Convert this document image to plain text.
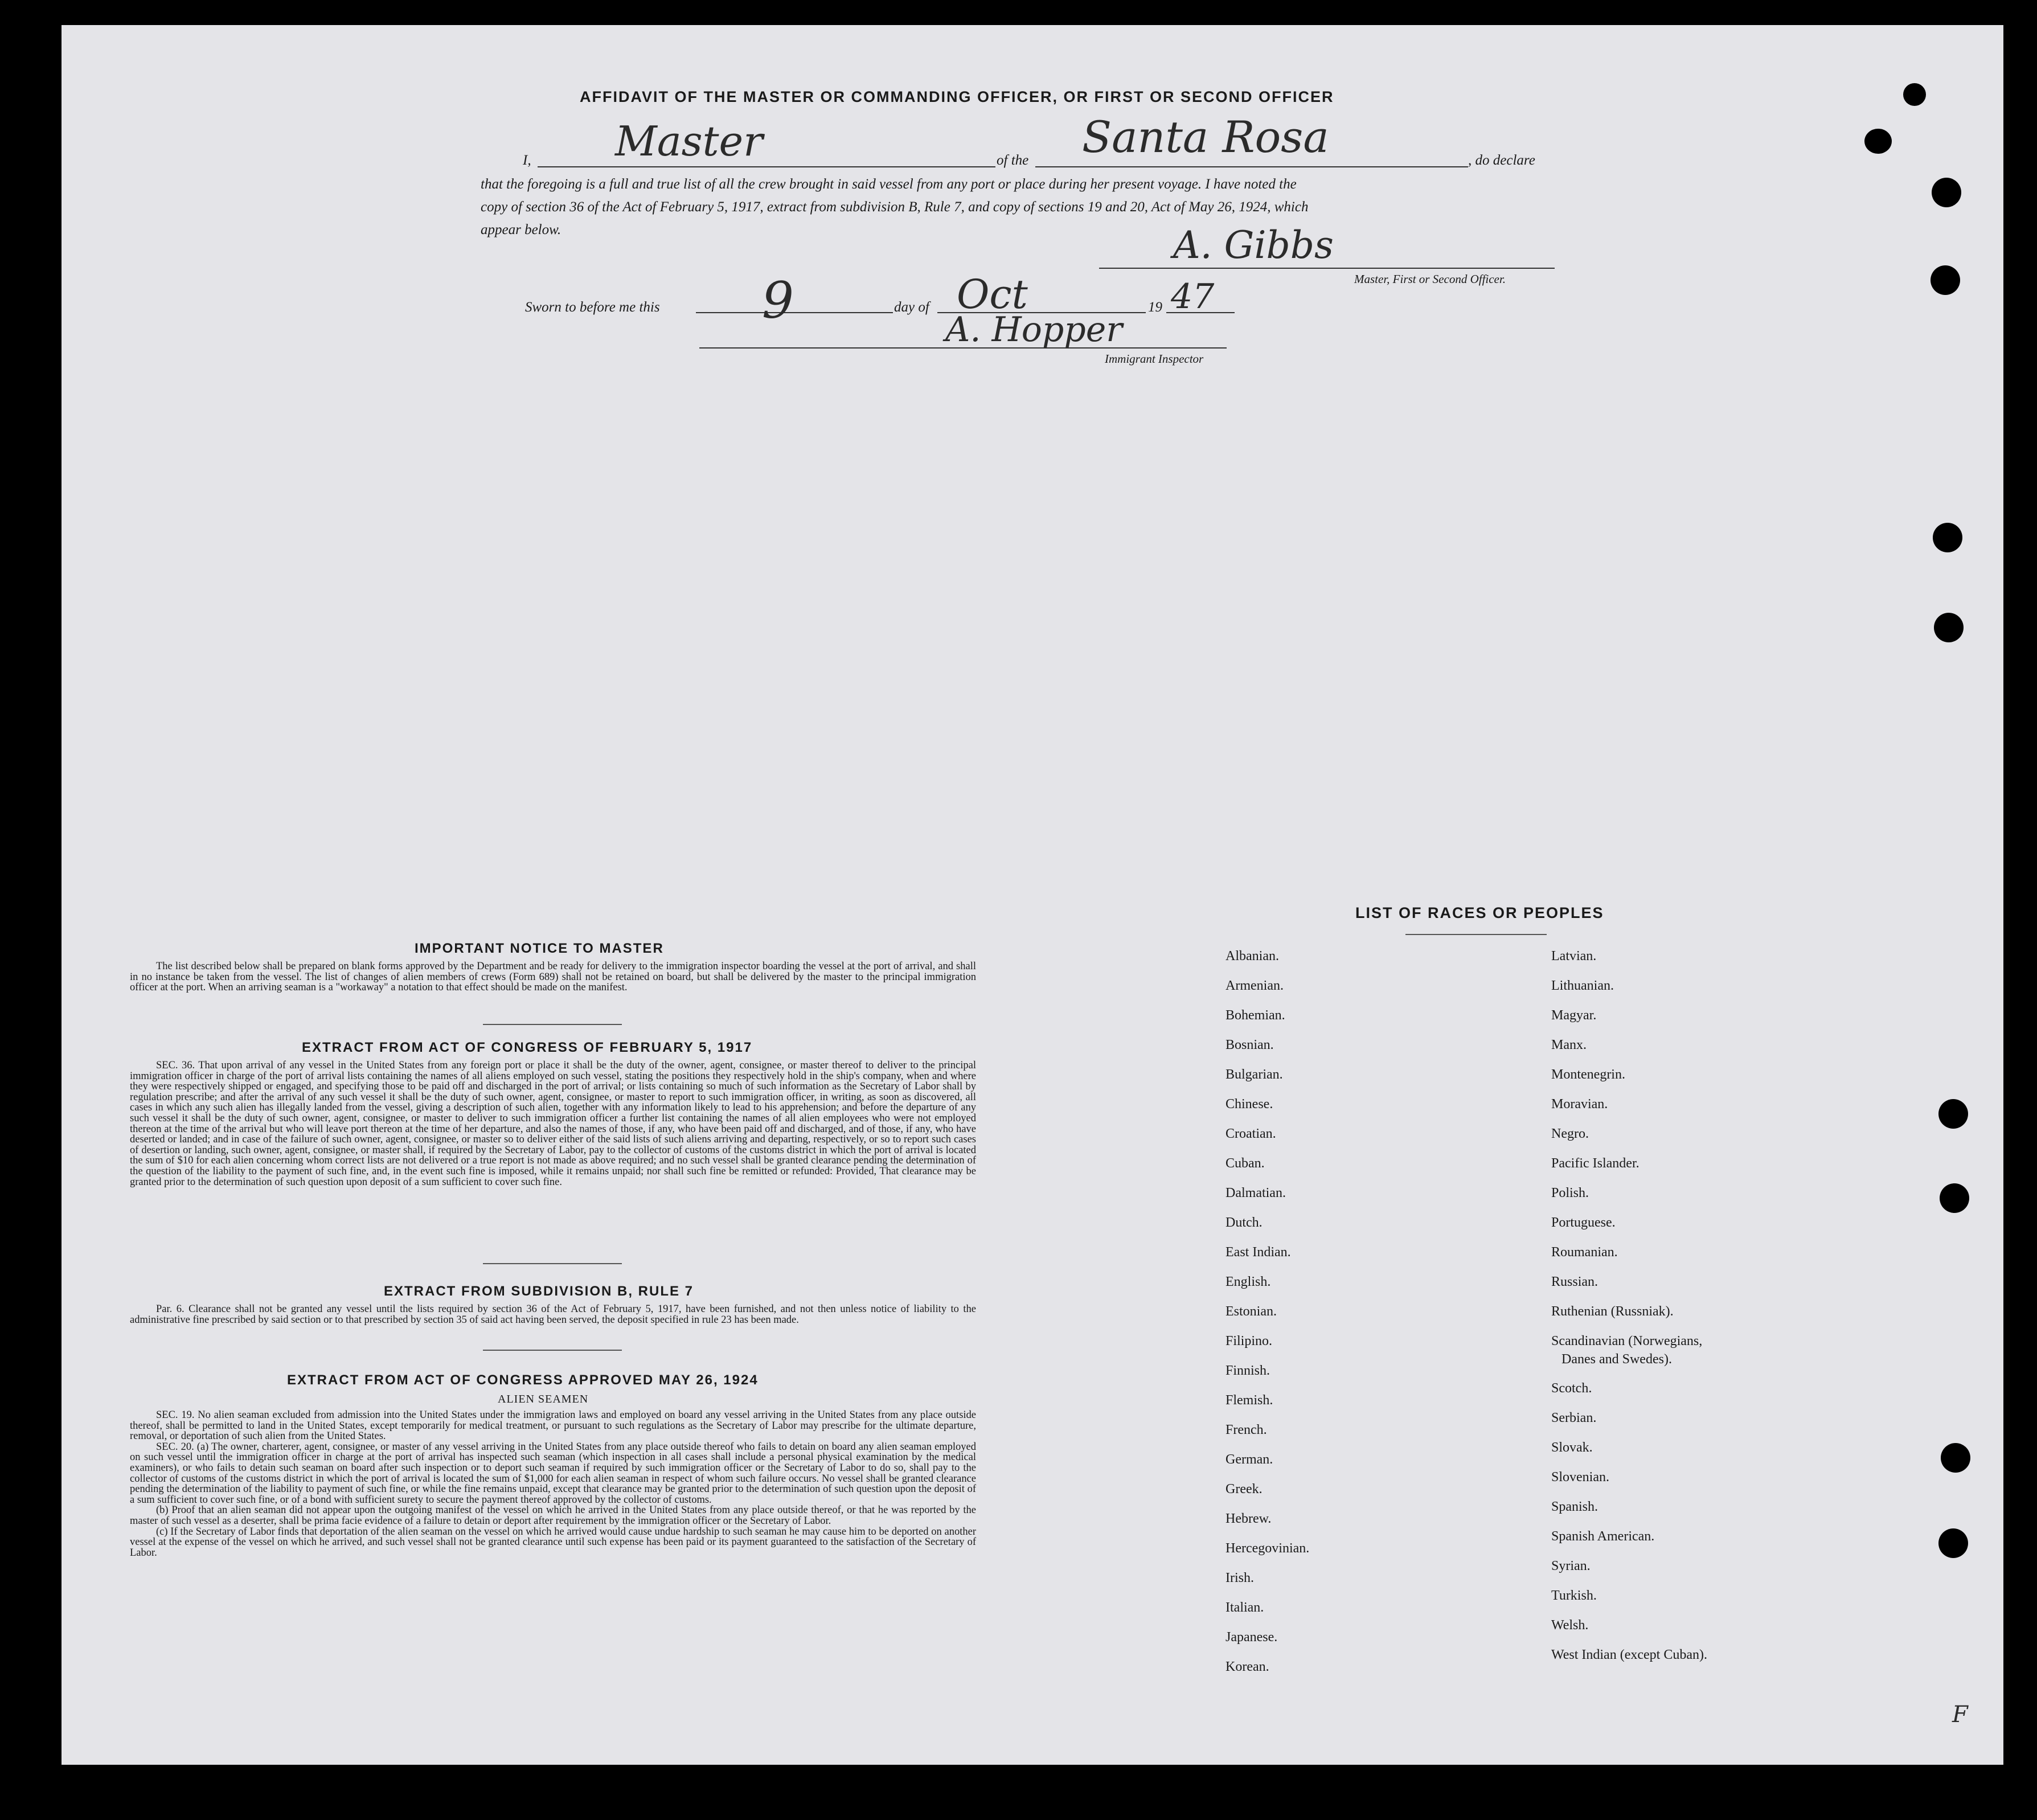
AFFIDAVIT OF THE MASTER OR COMMANDING OFFICER, OR FIRST OR SECOND OFFICER
I, Master	of the Santa Rosa	, do declare
that the foregoing is a full and true list of all the crew brought in said vessel from any port or place during her present voyage. I have noted the
copy of section 36 of the Act of February 5, 1917, extract from subdivision B, Rule 7, and copy of sections 19 and 20, Act of May 26, 1924, which
appear below.	A. Gibbs
Master, First or Second Officer.
Sworn to before me this 9	day of Oct	19 47
A. Hopper
Immigrant Inspector
IMPORTANT NOTICE TO MASTER

The list described below shall be prepared on blank forms approved by the Department and be ready for delivery to the immigration inspector boarding the vessel at the port of arrival, and shall in no instance be taken from the vessel. The list of changes of alien members of crews (Form 689) shall not be retained on board, but shall be delivered by the master to the principal immigration officer at the port. When an arriving seaman is a "workaway" a notation to that effect should be made on the manifest.

EXTRACT FROM ACT OF CONGRESS OF FEBRUARY 5, 1917

SEC. 36. That upon arrival of any vessel in the United States from any foreign port or place it shall be the duty of the owner, agent, consignee, or master thereof to deliver to the principal immigration officer in charge of the port of arrival lists containing the names of all aliens employed on such vessel, stating the positions they respectively hold in the ship's company, when and where they were respectively shipped or engaged, and specifying those to be paid off and discharged in the port of arrival; or lists containing so much of such information as the Secretary of Labor shall by regulation prescribe; and after the arrival of any such vessel it shall be the duty of such owner, agent, consignee, or master to report to such immigration officer, in writing, as soon as discovered, all cases in which any such alien has illegally landed from the vessel, giving a description of such alien, together with any information likely to lead to his apprehension; and before the departure of any such vessel it shall be the duty of such owner, agent, consignee, or master to deliver to such immigration officer a further list containing the names of all alien employees who were not employed thereon at the time of the arrival but who will leave port thereon at the time of her departure, and also the names of those, if any, who have been paid off and discharged, and of those, if any, who have deserted or landed; and in case of the failure of such owner, agent, consignee, or master so to deliver either of the said lists of such aliens arriving and departing, respectively, or so to report such cases of desertion or landing, such owner, agent, consignee, or master shall, if required by the Secretary of Labor, pay to the collector of customs of the customs district in which the port of arrival is located the sum of $10 for each alien concerning whom correct lists are not delivered or a true report is not made as above required; and no such vessel shall be granted clearance pending the determination of the question of the liability to the payment of such fine, and, in the event such fine is imposed, while it remains unpaid; nor shall such fine be remitted or refunded: Provided, That clearance may be granted prior to the determination of such question upon deposit of a sum sufficient to cover such fine.

EXTRACT FROM SUBDIVISION B, RULE 7

Par. 6. Clearance shall not be granted any vessel until the lists required by section 36 of the Act of February 5, 1917, have been furnished, and not then unless notice of liability to the administrative fine prescribed by said section or to that prescribed by section 35 of said act having been served, the deposit specified in rule 23 has been made.

EXTRACT FROM ACT OF CONGRESS APPROVED MAY 26, 1924
ALIEN SEAMEN

SEC. 19. No alien seaman excluded from admission into the United States under the immigration laws and employed on board any vessel arriving in the United States from any place outside thereof, shall be permitted to land in the United States, except temporarily for medical treatment, or pursuant to such regulations as the Secretary of Labor may prescribe for the ultimate departure, removal, or deportation of such alien from the United States.

SEC. 20. (a) The owner, charterer, agent, consignee, or master of any vessel arriving in the United States from any place outside thereof who fails to detain on board any alien seaman employed on such vessel until the immigration officer in charge at the port of arrival has inspected such seaman (which inspection in all cases shall include a personal physical examination by the medical examiners), or who fails to detain such seaman on board after such inspection or to deport such seaman if required by such immigration officer or the Secretary of Labor to do so, shall pay to the collector of customs of the customs district in which the port of arrival is located the sum of $1,000 for each alien seaman in respect of whom such failure occurs. No vessel shall be granted clearance pending the determination of the liability to payment of such fine, or while the fine remains unpaid, except that clearance may be granted prior to the determination of such question upon the deposit of a sum sufficient to cover such fine, or of a bond with sufficient surety to secure the payment thereof approved by the collector of customs.

(b) Proof that an alien seaman did not appear upon the outgoing manifest of the vessel on which he arrived in the United States from any place outside thereof, or that he was reported by the master of such vessel as a deserter, shall be prima facie evidence of a failure to detain or deport after requirement by the immigration officer or the Secretary of Labor.

(c) If the Secretary of Labor finds that deportation of the alien seaman on the vessel on which he arrived would cause undue hardship to such seaman he may cause him to be deported on another vessel at the expense of the vessel on which he arrived, and such vessel shall not be granted clearance until such expense has been paid or its payment guaranteed to the satisfaction of the Secretary of Labor.

LIST OF RACES OR PEOPLES
Albanian.
Armenian.
Bohemian.
Bosnian.
Bulgarian.
Chinese.
Croatian.
Cuban.
Dalmatian.
Dutch.
East Indian.
English.
Estonian.
Filipino.
Finnish.
Flemish.
French.
German.
Greek.
Hebrew.
Hercegovinian.
Irish.
Italian.
Japanese.
Korean.
Latvian.
Lithuanian.
Magyar.
Manx.
Montenegrin.
Moravian.
Negro.
Pacific Islander.
Polish.
Portuguese.
Roumanian.
Russian.
Ruthenian (Russniak).
Scandinavian (Norwegians,
Danes and Swedes).
Scotch.
Serbian.
Slovak.
Slovenian.
Spanish.
Spanish American.
Syrian.
Turkish.
Welsh.
West Indian (except Cuban).
F
